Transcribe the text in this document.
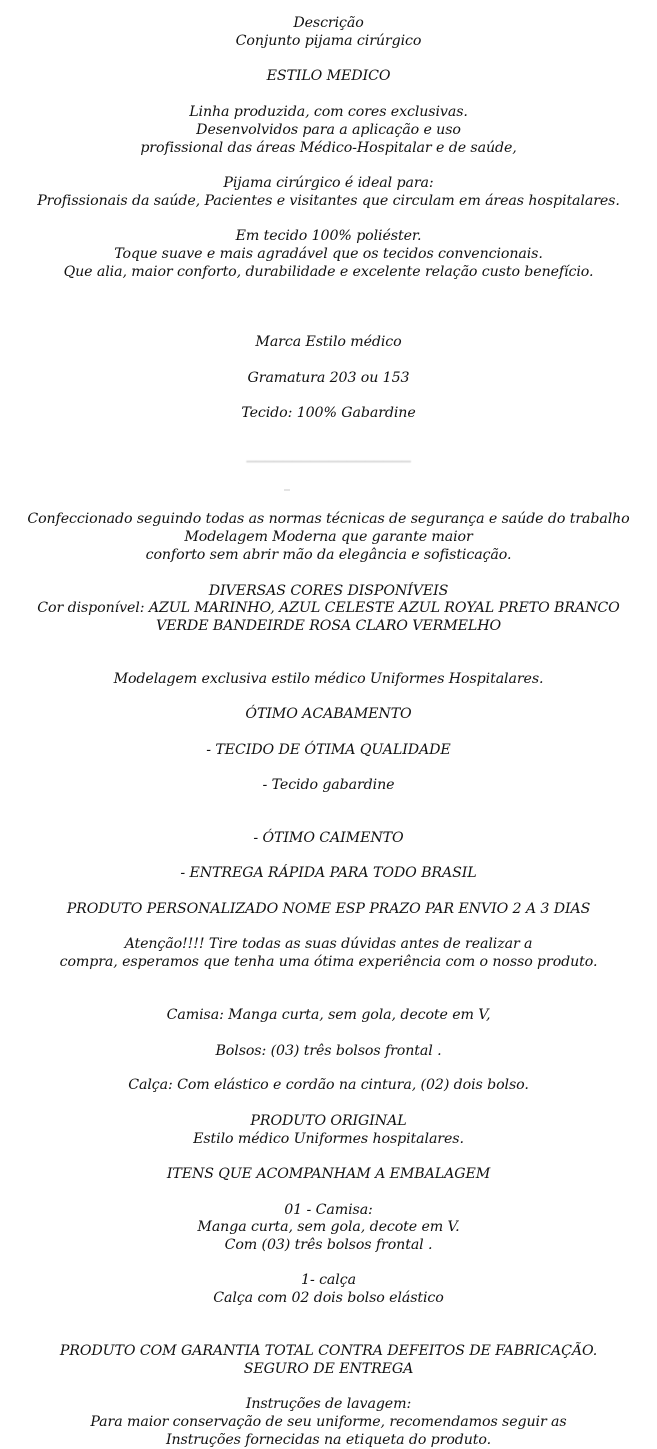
Descrição
Conjunto pijama cirúrgico
ESTILO MEDICO
Linha produzida, com cores exclusivas.
Desenvolvidos para a aplicação e uso
profissional das áreas Médico-Hospitalar e de saúde,
Pijama cirúrgico é ideal para:
Profissionais da saúde, Pacientes e visitantes que circulam em áreas hospitalares.
Em tecido 100% poliéster.
Toque suave e mais agradável que os tecidos convencionais.
Que alia, maior conforto, durabilidade e excelente relação custo benefício.
Marca Estilo médico
Gramatura 203 ou 153
Tecido: 100% Gabardine
▔▔▔▔▔▔▔▔▔▔▔▔▔▔▔▔▔▔
Confeccionado seguindo todas as normas técnicas de segurança e saúde do trabalho
Modelagem Moderna que garante maior
conforto sem abrir mão da elegância e sofisticação.
DIVERSAS CORES DISPONÍVEIS
Cor disponível: AZUL MARINHO, AZUL CELESTE AZUL ROYAL PRETO BRANCO
VERDE BANDEIRDE ROSA CLARO VERMELHO
Modelagem exclusiva estilo médico Uniformes Hospitalares.
ÓTIMO ACABAMENTO
- TECIDO DE ÓTIMA QUALIDADE
- Tecido gabardine
- ÓTIMO CAIMENTO
- ENTREGA RÁPIDA PARA TODO BRASIL
PRODUTO PERSONALIZADO NOME ESP PRAZO PAR ENVIO 2 A 3 DIAS
Atenção!!!! Tire todas as suas dúvidas antes de realizar a
compra, esperamos que tenha uma ótima experiência com o nosso produto.
Camisa: Manga curta, sem gola, decote em V,
Bolsos: (03) três bolsos frontal .
Calça: Com elástico e cordão na cintura, (02) dois bolso.
PRODUTO ORIGINAL
Estilo médico Uniformes hospitalares.
ITENS QUE ACOMPANHAM A EMBALAGEM
01 - Camisa:
Manga curta, sem gola, decote em V.
Com (03) três bolsos frontal .
1- calça
Calça com 02 dois bolso elástico
PRODUTO COM GARANTIA TOTAL CONTRA DEFEITOS DE FABRICAÇÃO.
SEGURO DE ENTREGA
Instruções de lavagem:
Para maior conservação de seu uniforme, recomendamos seguir as
Instruções fornecidas na etiqueta do produto.
